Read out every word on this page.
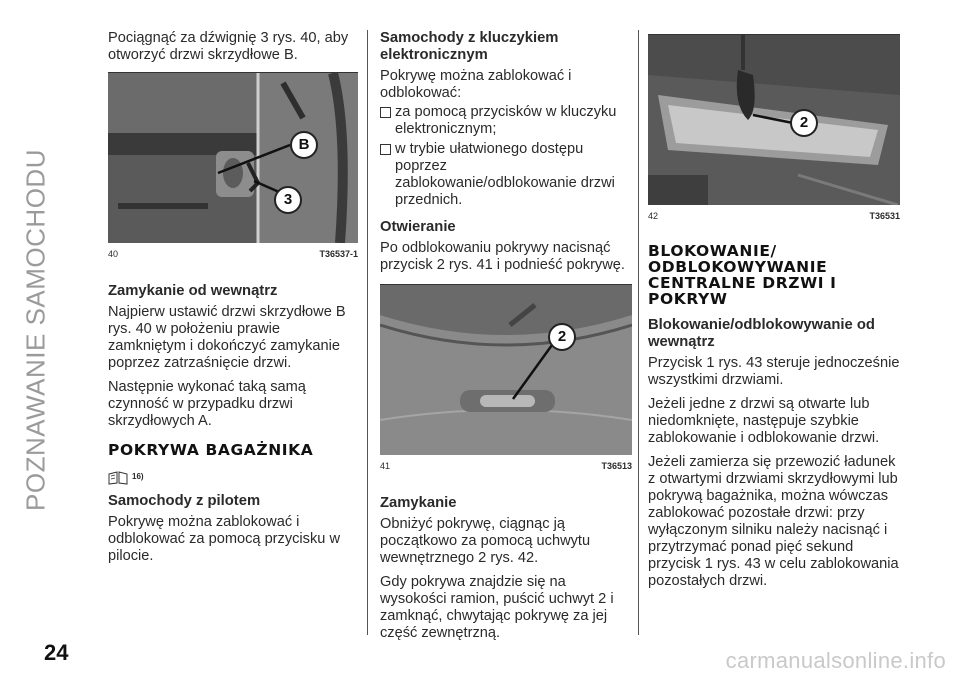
POZNAWANIE SAMOCHODU
24	carmanualsonline.info

Pociągnąć za dźwignię 3 rys. 40, aby otworzyć drzwi skrzydłowe B.

B
3
40	T36537-1
Zamykanie od wewnątrz

Najpierw ustawić drzwi skrzydłowe B rys. 40 w położeniu prawie zamkniętym i dokończyć zamykanie poprzez zatrzaśnięcie drzwi.

Następnie wykonać taką samą czynność w przypadku drzwi skrzydłowych A.

POKRYWA BAGAŻNIKA
16)
Samochody z pilotem

Pokrywę można zablokować i odblokować za pomocą przycisku w pilocie.

Samochody z kluczykiem elektronicznym

Pokrywę można zablokować i odblokować:

za pomocą przycisków w kluczyku elektronicznym;
w trybie ułatwionego dostępu poprzez zablokowanie/odblokowanie drzwi przednich.
Otwieranie

Po odblokowaniu pokrywy nacisnąć przycisk 2 rys. 41 i podnieść pokrywę.

2
41	T36513
Zamykanie

Obniżyć pokrywę, ciągnąc ją początkowo za pomocą uchwytu wewnętrznego 2 rys. 42.

Gdy pokrywa znajdzie się na wysokości ramion, puścić uchwyt 2 i zamknąć, chwytając pokrywę za jej część zewnętrzną.

2
42	T36531
BLOKOWANIE/ ODBLOKOWYWANIE CENTRALNE DRZWI I POKRYW
Blokowanie/odblokowywanie od wewnątrz

Przycisk 1 rys. 43 steruje jednocześnie wszystkimi drzwiami.

Jeżeli jedne z drzwi są otwarte lub niedomknięte, następuje szybkie zablokowanie i odblokowanie drzwi.

Jeżeli zamierza się przewozić ładunek z otwartymi drzwiami skrzydłowymi lub pokrywą bagażnika, można wówczas zablokować pozostałe drzwi: przy wyłączonym silniku należy nacisnąć i przytrzymać ponad pięć sekund przycisk 1 rys. 43 w celu zablokowania pozostałych drzwi.
